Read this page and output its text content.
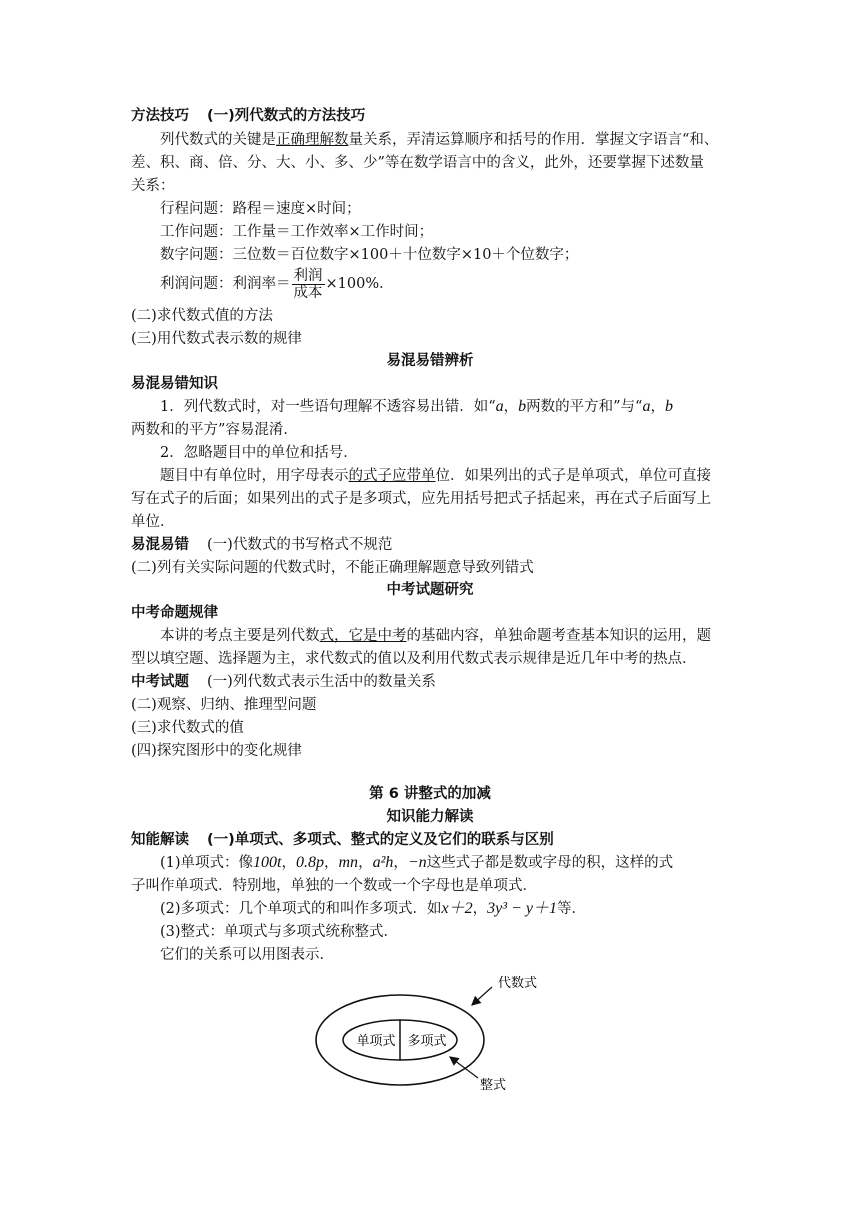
方法技巧 (一)列代数式的方法技巧
列代数式的关键是正确理解数量关系，弄清运算顺序和括号的作用．掌握文字语言“和、
差、积、商、倍、分、大、小、多、少”等在数学语言中的含义，此外，还要掌握下述数量
关系：
行程问题：路程＝速度×时间；
工作问题：工作量＝工作效率×工作时间；
数字问题：三位数＝百位数字×100＋十位数字×10＋个位数字；
利润问题：利润率＝ $\frac{\text{利润}}{\text{成本}} \times 100\%$．
(二)求代数式值的方法
(三)用代数式表示数的规律
易混易错辨析
易混易错知识
1．列代数式时，对一些语句理解不透容易出错．如“a，b两数的平方和”与“a，b
两数和的平方”容易混淆．
2．忽略题目中的单位和括号．
题目中有单位时，用字母表示的式子应带单位．如果列出的式子是单项式，单位可直接
写在式子的后面；如果列出的式子是多项式，应先用括号把式子括起来，再在式子后面写上
单位．
易混易错 (一)代数式的书写格式不规范
(二)列有关实际问题的代数式时，不能正确理解题意导致列错式
中考试题研究
中考命题规律
本讲的考点主要是列代数式，它是中考的基础内容，单独命题考查基本知识的运用，题
型以填空题、选择题为主，求代数式的值以及利用代数式表示规律是近几年中考的热点．
中考试题 (一)列代数式表示生活中的数量关系
(二)观察、归纳、推理型问题
(三)求代数式的值
(四)探究图形中的变化规律
第 6 讲整式的加减
知识能力解读
知能解读 (一)单项式、多项式、整式的定义及它们的联系与区别
(1)单项式：像100t，0.8p，mn，a²h，−n这些式子都是数或字母的积，这样的式
子叫作单项式．特别地，单独的一个数或一个字母也是单项式．
(2)多项式：几个单项式的和叫作多项式．如x＋2，3y³ − y＋1等．
(3)整式：单项式与多项式统称整式．
它们的关系可以用图表示．
单项式 多项式
代数式
整式
